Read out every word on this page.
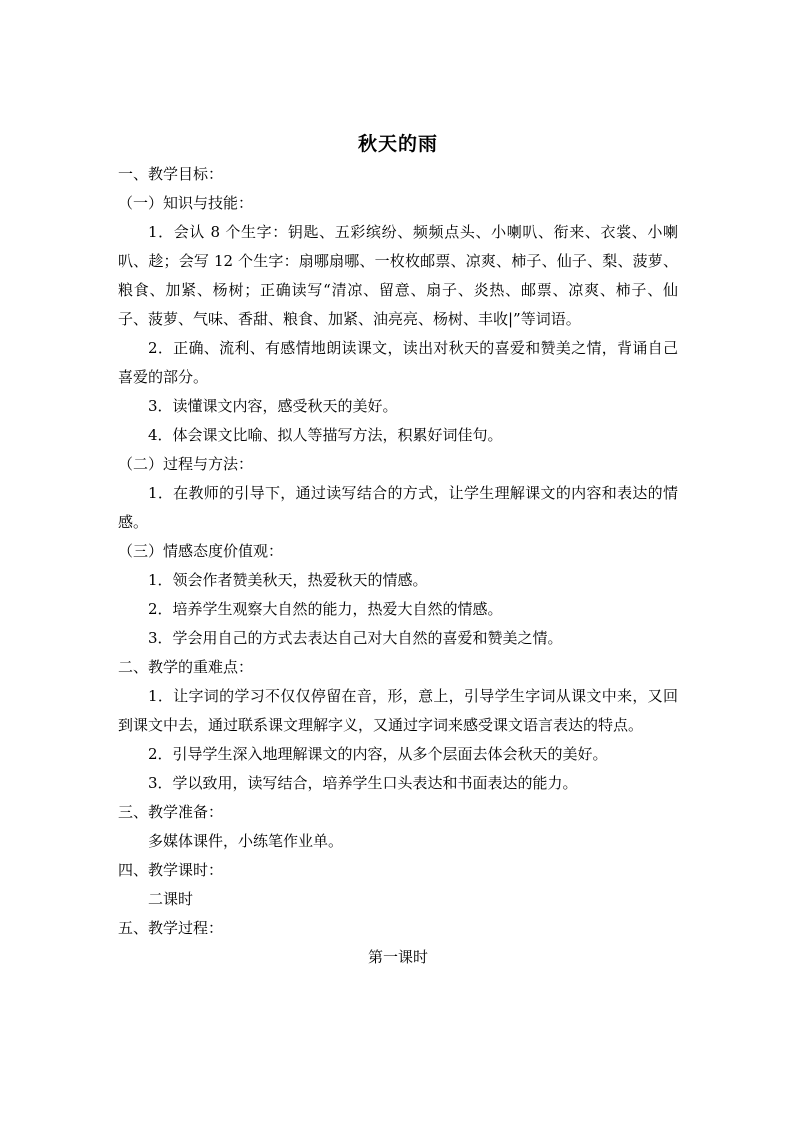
秋天的雨
一、教学目标：
（一）知识与技能：
1．会认 8 个生字：钥匙、五彩缤纷、频频点头、小喇叭、衔来、衣裳、小喇叭、趁；会写 12 个生字：扇哪扇哪、一枚枚邮票、凉爽、柿子、仙子、梨、菠萝、粮食、加紧、杨树；正确读写“清凉、留意、扇子、炎热、邮票、凉爽、柿子、仙子、菠萝、气味、香甜、粮食、加紧、油亮亮、杨树、丰收|”等词语。
2．正确、流利、有感情地朗读课文，读出对秋天的喜爱和赞美之情，背诵自己喜爱的部分。
3．读懂课文内容，感受秋天的美好。
4．体会课文比喻、拟人等描写方法，积累好词佳句。
（二）过程与方法：
1．在教师的引导下，通过读写结合的方式，让学生理解课文的内容和表达的情感。
（三）情感态度价值观：
1．领会作者赞美秋天，热爱秋天的情感。
2．培养学生观察大自然的能力，热爱大自然的情感。
3．学会用自己的方式去表达自己对大自然的喜爱和赞美之情。
二、教学的重难点：
1．让字词的学习不仅仅停留在音，形，意上，引导学生字词从课文中来，又回到课文中去，通过联系课文理解字义，又通过字词来感受课文语言表达的特点。
2．引导学生深入地理解课文的内容，从多个层面去体会秋天的美好。
3．学以致用，读写结合，培养学生口头表达和书面表达的能力。
三、教学准备：
多媒体课件，小练笔作业单。
四、教学课时：
二课时
五、教学过程：
第一课时
